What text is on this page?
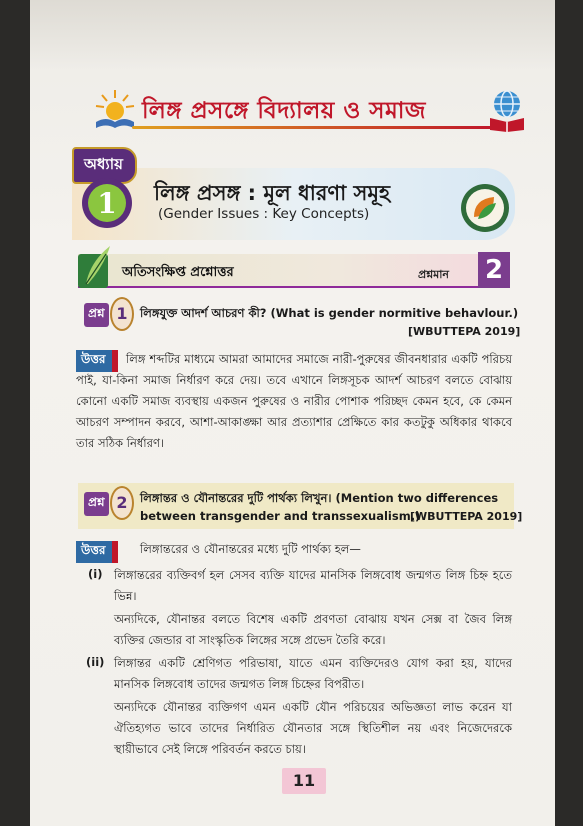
লিঙ্গ প্রসঙ্গে বিদ্যালয় ও সমাজ
অধ্যায়
1 লিঙ্গ প্রসঙ্গ : মূল ধারণা সমূহ
(Gender Issues : Key Concepts)
অতিসংক্ষিপ্ত প্রশ্নোত্তর	প্রশ্নমান 2
প্রশ্ন 1	লিঙ্গযুক্ত আদর্শ আচরণ কী? (What is gender normitive behavlour.)
[WBUTTEPA 2019]
উত্তর	লিঙ্গ শব্দটির মাধ্যমে আমরা আমাদের সমাজে নারী-পুরুষের জীবনধারার একটি পরিচয় পাই, যা-কিনা সমাজ নির্ধারণ করে দেয়। তবে এখানে লিঙ্গসূচক আদর্শ আচরণ বলতে বোঝায় কোনো একটি সমাজ ব্যবস্থায় একজন পুরুষের ও নারীর পোশাক পরিচ্ছদ কেমন হবে, কে কেমন আচরণ সম্পাদন করবে, আশা-আকাঙ্ক্ষা আর প্রত্যাশার প্রেক্ষিতে কার কতটুকু অধিকার থাকবে তার সঠিক নির্ধারণ।
প্রশ্ন 2	লিঙ্গান্তর ও যৌনান্তরের দুটি পার্থক্য লিখুন। (Mention two differences
between transgender and transsexualism.)
[WBUTTEPA 2019]
উত্তর	লিঙ্গান্তরের ও যৌনান্তরের মধ্যে দুটি পার্থক্য হল—
(i) লিঙ্গান্তরের ব্যক্তিবর্গ হল সেসব ব্যক্তি যাদের মানসিক লিঙ্গবোধ জন্মগত লিঙ্গ চিহ্ন হতে ভিন্ন।
অন্যদিকে, যৌনান্তর বলতে বিশেষ একটি প্রবণতা বোঝায় যখন সেক্স বা জৈব লিঙ্গ ব্যক্তির জেন্ডার বা সাংস্কৃতিক লিঙ্গের সঙ্গে প্রভেদ তৈরি করে।
(ii) লিঙ্গান্তর একটি শ্রেণিগত পরিভাষা, যাতে এমন ব্যক্তিদেরও যোগ করা হয়, যাদের মানসিক লিঙ্গবোধ তাদের জন্মগত লিঙ্গ চিহ্নের বিপরীত।
অন্যদিকে যৌনান্তর ব্যক্তিগণ এমন একটি যৌন পরিচয়ের অভিজ্ঞতা লাভ করেন যা ঐতিহ্যগত ভাবে তাদের নির্ধারিত যৌনতার সঙ্গে স্থিতিশীল নয় এবং নিজেদেরকে স্থায়ীভাবে সেই লিঙ্গে পরিবর্তন করতে চায়।
11
